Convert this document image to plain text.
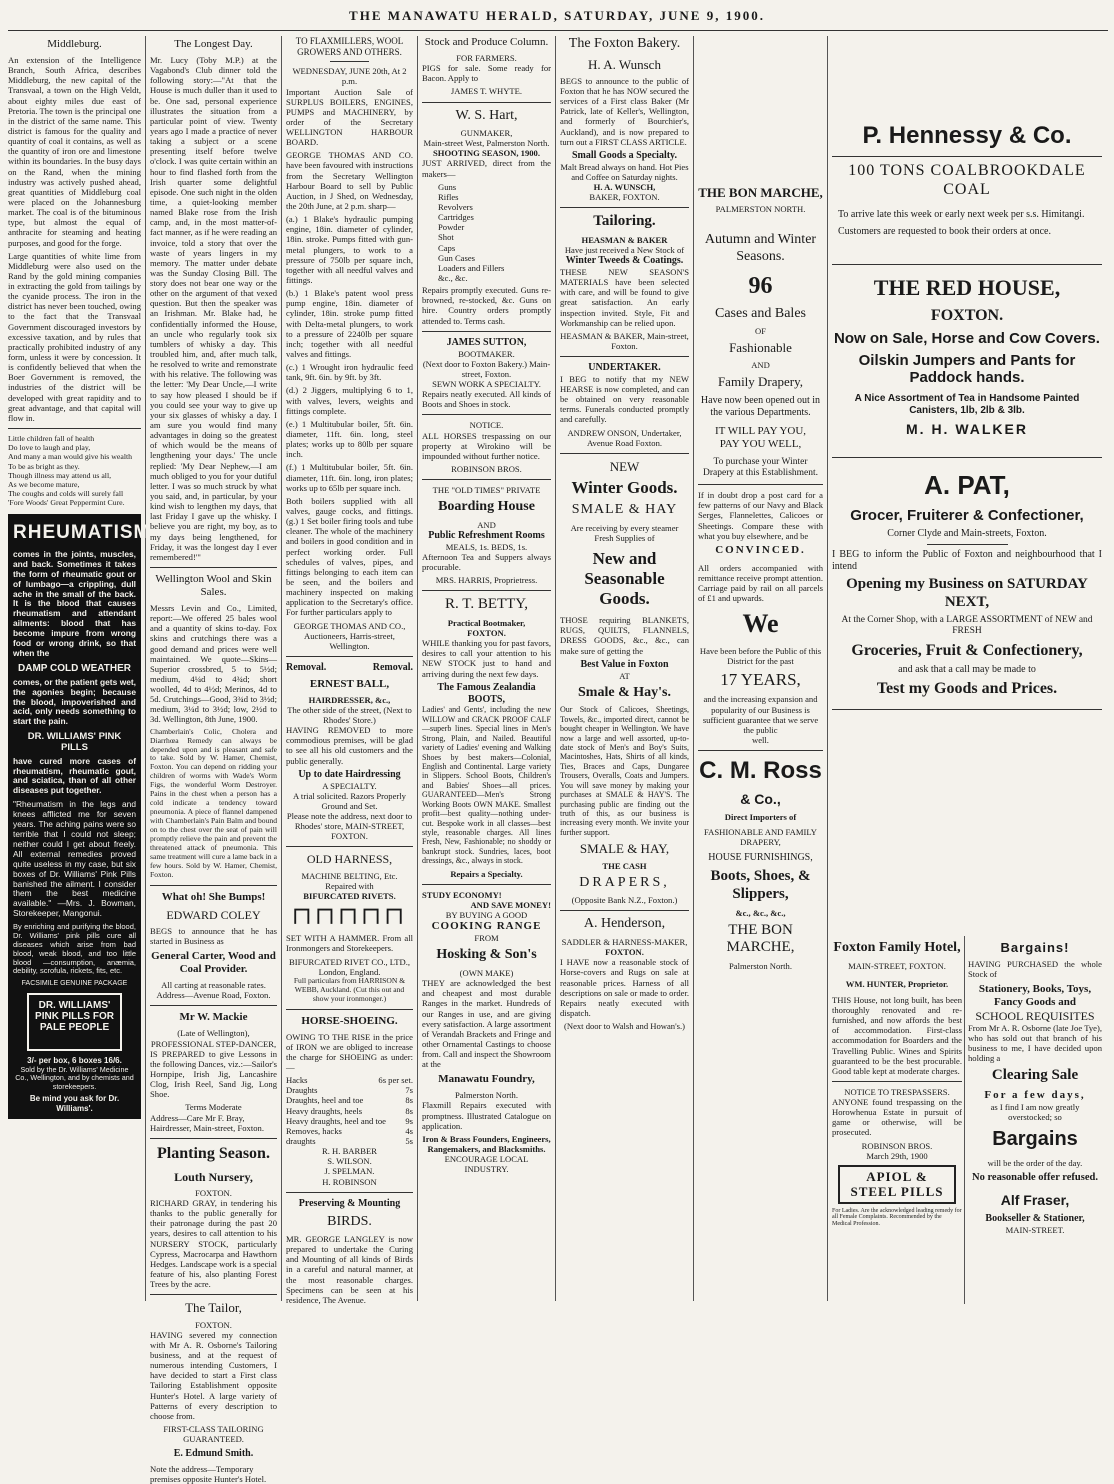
THE MANAWATU HERALD, SATURDAY, JUNE 9, 1900.
Middleburg.

An extension of the Intelligence Branch, South Africa, describes Middleburg, the new capital of the Transvaal, a town on the High Veldt, about eighty miles due east of Pretoria. The town is the principal one in the district of the same name. This district is famous for the quality and quantity of coal it contains, as well as the quantity of iron ore and limestone within its boundaries. In the busy days on the Rand, when the mining industry was actively pushed ahead, great quantities of Middleburg coal were placed on the Johannesburg market. The coal is of the bituminous type, but almost the equal of anthracite for steaming and heating purposes, and good for the forge.

Large quantities of white lime from Middleburg were also used on the Rand by the gold mining companies in extracting the gold from tailings by the cyanide process. The iron in the district has never been touched, owing to the fact that the Transvaal Government discouraged investors by excessive taxation, and by rules that practically prohibited industry of any form, unless it were by concession. It is confidently believed that when the Boer Government is removed, the industries of the district will be developed with great rapidity and to great advantage, and that capital will flow in.

Little children fall of health
Do love to laugh and play,
And many a man would give his wealth
To be as bright as they.
Though illness may attend us all,
As we become mature,
The coughs and colds will surely fall
'Fore Woods' Great Peppermint Cure.
RHEUMATISM

comes in the joints, muscles, and back. Sometimes it takes the form of rheumatic gout or of lumbago—a crippling, dull ache in the small of the back. It is the blood that causes rheumatism and attendant ailments: blood that has become impure from wrong food or wrong drink, so that when the

DAMP COLD WEATHER

comes, or the patient gets wet, the agonies begin; because the blood, impoverished and acid, only needs something to start the pain.

DR. WILLIAMS' PINK PILLS

have cured more cases of rheumatism, rheumatic gout, and sciatica, than of all other diseases put together.

"Rheumatism in the legs and knees afflicted me for seven years. The aching pains were so terrible that I could not sleep; neither could I get about freely. All external remedies proved quite useless in my case, but six boxes of Dr. Williams' Pink Pills banished the ailment. I consider them the best medicine available." —Mrs. J. Bowman, Storekeeper, Mangonui.

By enriching and purifying the blood, Dr. Williams' pink pills cure all diseases which arise from bad blood, weak blood, and too little blood —consumption, anæmia, debility, scrofula, rickets, fits, etc.

FACSIMILE GENUINE PACKAGE
DR. WILLIAMS' PINK PILLS FOR PALE PEOPLE
3/- per box, 6 boxes 16/6.
Sold by the Dr. Williams' Medicine Co., Wellington, and by chemists and storekeepers.
Be mind you ask for Dr. Williams'.
The Longest Day.

Mr. Lucy (Toby M.P.) at the Vagabond's Club dinner told the following story:—"At that the House is much duller than it used to be. One sad, personal experience illustrates the situation from a particular point of view. Twenty years ago I made a practice of never taking a subject or a scene presenting itself before twelve o'clock. I was quite certain within an hour to find flashed forth from the Irish quarter some delightful episode. One such night in the olden time, a quiet-looking member named Blake rose from the Irish camp, and, in the most matter-of-fact manner, as if he were reading an invoice, told a story that over the waste of years lingers in my memory. The matter under debate was the Sunday Closing Bill. The story does not bear one way or the other on the argument of that vexed question. But then the speaker was an Irishman. Mr. Blake had, he confidentially informed the House, an uncle who regularly took six tumblers of whisky a day. This troubled him, and, after much talk, he resolved to write and remonstrate with his relative. The following was the letter: 'My Dear Uncle,—I write to say how pleased I should be if you could see your way to give up your six glasses of whisky a day. I am sure you would find many advantages in doing so the greatest of which would be the means of lengthening your days.' The uncle replied: 'My Dear Nephew,—I am much obliged to you for your dutiful letter. I was so much struck by what you said, and, in particular, by your kind wish to lengthen my days, that last Friday I gave up the whisky. I believe you are right, my boy, as to my days being lengthened, for Friday, it was the longest day I ever remembered!'"

Wellington Wool and Skin Sales.

Messrs Levin and Co., Limited, report:—We offered 25 bales wool and a quantity of skins to-day. Fox skins and crutchings there was a good demand and prices were well maintained. We quote—Skins—Superior crossbred, 5 to 5½d; medium, 4¼d to 4¾d; short woolled, 4d to 4½d; Merinos, 4d to 5d. Crutchings—Good, 3¾d to 3½d; medium, 3¼d to 3½d; low, 2½d to 3d. Wellington, 8th June, 1900.

Chamberlain's Colic, Cholera and Diarrhœa Remedy can always be depended upon and is pleasant and safe to take. Sold by W. Hamer, Chemist, Foxton. You can depend on ridding your children of worms with Wade's Worm Figs, the wonderful Worm Destroyer. Pains in the chest when a person has a cold indicate a tendency toward pneumonia. A piece of flannel dampened with Chamberlain's Pain Balm and bound on to the chest over the seat of pain will promptly relieve the pain and prevent the threatened attack of pneumonia. This same treatment will cure a lame back in a few hours. Sold by W. Hamer, Chemist, Foxton.

What oh! She Bumps!
EDWARD COLEY

BEGS to announce that he has started in Business as

General Carter, Wood and Coal Provider.
All carting at reasonable rates.
Address—Avenue Road, Foxton.
Mr W. Mackie
(Late of Wellington), PROFESSIONAL STEP-DANCER,

IS PREPARED to give Lessons in the following Dances, viz.:—Sailor's Hornpipe, Irish Jig, Lancashire Clog, Irish Reel, Sand Jig, Long Shoe.

Terms Moderate
Address—Care Mr F. Bray, Hairdresser, Main-street, Foxton.
Planting Season.
Louth Nursery,
FOXTON.

RICHARD GRAY, in tendering his thanks to the public generally for their patronage during the past 20 years, desires to call attention to his NURSERY STOCK, particularly Cypress, Macrocarpa and Hawthorn Hedges. Landscape work is a special feature of his, also planting Forest Trees by the acre.

The Tailor,
FOXTON.

HAVING severed my connection with Mr A. R. Osborne's Tailoring business, and at the request of numerous intending Customers, I have decided to start a First class Tailoring Establishment opposite Hunter's Hotel. A large variety of Patterns of every description to choose from.

FIRST-CLASS TAILORING GUARANTEED.
E. Edmund Smith.
Note the address—Temporary premises opposite Hunter's Hotel.
TO FLAXMILLERS, WOOL GROWERS AND OTHERS.
WEDNESDAY, JUNE 20th, At 2 p.m.

Important Auction Sale of SURPLUS BOILERS, ENGINES, PUMPS and MACHINERY, by order of the Secretary WELLINGTON HARBOUR BOARD.

GEORGE THOMAS AND CO. have been favoured with instructions from the Secretary Wellington Harbour Board to sell by Public Auction, in J Shed, on Wednesday, the 20th June, at 2 p.m. sharp—

(a.) 1 Blake's hydraulic pumping engine, 18in. diameter of cylinder, 18in. stroke. Pumps fitted with gun-metal plungers, to work to a pressure of 750lb per square inch, together with all needful valves and fittings.

(b.) 1 Blake's patent wool press pump engine, 18in. diameter of cylinder, 18in. stroke pump fitted with Delta-metal plungers, to work to a pressure of 2240lb per square inch; together with all needful valves and fittings.

(c.) 1 Wrought iron hydraulic feed tank, 9ft. 6in. by 9ft. by 3ft.

(d.) 2 Jiggers, multiplying 6 to 1, with valves, levers, weights and fittings complete.

(e.) 1 Multitubular boiler, 5ft. 6in. diameter, 11ft. 6in. long, steel plates; works up to 80lb per square inch.

(f.) 1 Multitubular boiler, 5ft. 6in. diameter, 11ft. 6in. long, iron plates; works up to 65lb per square inch.

Both boilers supplied with all valves, gauge cocks, and fittings. (g.) 1 Set boiler firing tools and tube cleaner. The whole of the machinery and boilers in good condition and in perfect working order. Full schedules of valves, pipes, and fittings belonging to each item can be seen, and the boilers and machinery inspected on making application to the Secretary's office. For further particulars apply to

GEORGE THOMAS AND CO., Auctioneers, Harris-street, Wellington.
Removal.	Removal.
ERNEST BALL,
HAIRDRESSER, &c.,
The other side of the street, (Next to Rhodes' Store.)

HAVING REMOVED to more commodious premises, will be glad to see all his old customers and the public generally.

Up to date Hairdressing
A SPECIALTY.
A trial solicited. Razors Properly Ground and Set.
Please note the address, next door to Rhodes' store, MAIN-STREET, FOXTON.
OLD HARNESS,
MACHINE BELTING, Etc.
Repaired with
BIFURCATED RIVETS.
⊓⊓⊓⊓⊓

SET WITH A HAMMER. From all Ironmongers and Storekeepers.

BIFURCATED RIVET CO., LTD., London, England.
Full particulars from HARRISON & WEBB, Auckland. (Cut this out and show your ironmonger.)
HORSE-SHOEING.

OWING TO THE RISE in the price of IRON we are obliged to increase the charge for SHOEING as under:—

Hacks	6s per set.
Draughts	7s
Draughts, heel and toe	8s
Heavy draughts, heels	8s
Heavy draughts, heel and toe 9s
Removes, hacks	4s
draughts	5s
R. H. BARBER
S. WILSON.
J. SPELMAN.
H. ROBINSON
Preserving & Mounting
BIRDS.

MR. GEORGE LANGLEY is now prepared to undertake the Curing and Mounting of all kinds of Birds in a careful and natural manner, at the most reasonable charges. Specimens can be seen at his residence, The Avenue.

Stock and Produce Column.
FOR FARMERS.

PIGS for sale. Some ready for Bacon. Apply to

JAMES T. WHYTE.
W. S. Hart,
GUNMAKER,
Main-street West, Palmerston North.
SHOOTING SEASON, 1900.

JUST ARRIVED, direct from the makers—

Guns
Rifles
Revolvers
Cartridges
Powder
Shot
Caps
Gun Cases
Loaders and Fillers
&c., &c.

Repairs promptly executed. Guns re-browned, re-stocked, &c. Guns on hire. Country orders promptly attended to. Terms cash.

JAMES SUTTON,
BOOTMAKER.
(Next door to Foxton Bakery.) Main-street, Foxton.
SEWN WORK A SPECIALTY.

Repairs neatly executed. All kinds of Boots and Shoes in stock.

NOTICE.

ALL HORSES trespassing on our property at Wirokino will be impounded without further notice.

ROBINSON BROS.
THE "OLD TIMES" PRIVATE
Boarding House
AND
Public Refreshment Rooms
MEALS, 1s. BEDS, 1s.

Afternoon Tea and Suppers always procurable.

MRS. HARRIS, Proprietress.
R. T. BETTY,
Practical Bootmaker,
FOXTON.

WHILE thanking you for past favors, desires to call your attention to his NEW STOCK just to hand and arriving during the next few days.

The Famous Zealandia BOOTS,

Ladies' and Gents', including the new WILLOW and CRACK PROOF CALF—superb lines. Special lines in Men's Strong, Plain, and Nailed. Beautiful variety of Ladies' evening and Walking Shoes by best makers—Colonial, English and Continental. Large variety in Slippers. School Boots, Children's and Babies' Shoes—all prices. GUARANTEED—Men's Strong Working Boots OWN MAKE. Smallest profit—best quality—nothing under-cut. Bespoke work in all classes—best style, reasonable charges. All lines Fresh, New, Fashionable; no shoddy or bankrupt stock. Sundries, laces, boot dressings, &c., always in stock.

Repairs a Specialty.
STUDY ECONOMY!
AND SAVE MONEY!
BY BUYING A GOOD
COOKING RANGE
FROM
Hosking & Son's
(OWN MAKE)

THEY are acknowledged the best and cheapest and most durable Ranges in the market. Hundreds of our Ranges in use, and are giving every satisfaction. A large assortment of Verandah Brackets and Fringe and other Ornamental Castings to choose from. Call and inspect the Showroom at the

Manawatu Foundry,
Palmerston North.

Flaxmill Repairs executed with promptness. Illustrated Catalogue on application.

Iron & Brass Founders, Engineers, Rangemakers, and Blacksmiths.
ENCOURAGE LOCAL INDUSTRY.
The Foxton Bakery.
H. A. Wunsch

BEGS to announce to the public of Foxton that he has NOW secured the services of a First class Baker (Mr Patrick, late of Keller's, Wellington, and formerly of Bourchier's, Auckland), and is now prepared to turn out a FIRST CLASS ARTICLE.

Small Goods a Specialty.
Malt Bread always on hand. Hot Pies and Coffee on Saturday nights.
H. A. WUNSCH,
BAKER, FOXTON.
Tailoring.
HEASMAN & BAKER
Have just received a New Stock of
Winter Tweeds & Coatings.

THESE NEW SEASON'S MATERIALS have been selected with care, and will be found to give great satisfaction. An early inspection invited. Style, Fit and Workmanship can be relied upon.

HEASMAN & BAKER, Main-street, Foxton.
UNDERTAKER.

I BEG to notify that my NEW HEARSE is now completed, and can be obtained on very reasonable terms. Funerals conducted promptly and carefully.

ANDREW ONSON, Undertaker, Avenue Road Foxton.
NEW
Winter Goods.
SMALE & HAY
Are receiving by every steamer Fresh Supplies of
New and Seasonable Goods.

THOSE requiring BLANKETS, RUGS, QUILTS, FLANNELS, DRESS GOODS, &c., &c., can make sure of getting the

Best Value in Foxton
AT
Smale & Hay's.

Our Stock of Calicoes, Sheetings, Towels, &c., imported direct, cannot be bought cheaper in Wellington. We have now a large and well assorted, up-to-date stock of Men's and Boy's Suits, Macintoshes, Hats, Shirts of all kinds, Ties, Braces and Caps, Dungaree Trousers, Overalls, Coats and Jumpers. You will save money by making your purchases at SMALE & HAY'S. The purchasing public are finding out the truth of this, as our business is increasing every month. We invite your further support.

SMALE & HAY,
THE CASH
DRAPERS,
(Opposite Bank N.Z., Foxton.)
A. Henderson,
SADDLER & HARNESS-MAKER,
FOXTON.

I HAVE now a reasonable stock of Horse-covers and Rugs on sale at reasonable prices. Harness of all descriptions on sale or made to order. Repairs neatly executed with dispatch.

(Next door to Walsh and Howan's.)
THE BON MARCHE,
PALMERSTON NORTH.
Autumn and Winter Seasons.
96
Cases and Bales
OF
Fashionable
AND
Family Drapery,
Have now been opened out in the various Departments.
IT WILL PAY YOU,
PAY YOU WELL,
To purchase your Winter Drapery at this Establishment.

If in doubt drop a post card for a few patterns of our Navy and Black Serges, Flannelettes, Calicoes or Sheetings. Compare these with what you buy elsewhere, and be

CONVINCED.

All orders accompanied with remittance receive prompt attention. Carriage paid by rail on all parcels of £1 and upwards.

We
Have been before the Public of this District for the past
17 YEARS,
and the increasing expansion and popularity of our Business is sufficient guarantee that we serve the public
well.
C. M. Ross
& Co.,
Direct Importers of
FASHIONABLE AND FAMILY DRAPERY,
HOUSE FURNISHINGS,
Boots, Shoes, & Slippers,
&c., &c., &c.,
THE BON MARCHE,
Palmerston North.
P. Hennessy & Co.
100 TONS COALBROOKDALE
COAL

To arrive late this week or early next week per s.s. Himitangi. Customers are requested to book their orders at once.

THE RED HOUSE,
FOXTON.
Now on Sale, Horse and Cow Covers.
Oilskin Jumpers and Pants for Paddock hands.
A Nice Assortment of Tea in Handsome Painted Canisters, 1lb, 2lb & 3lb.
M. H. WALKER
A. PAT,
Grocer, Fruiterer & Confectioner,
Corner Clyde and Main-streets, Foxton.

I BEG to inform the Public of Foxton and neighbourhood that I intend

Opening my Business on SATURDAY NEXT,
At the Corner Shop, with a LARGE ASSORTMENT of NEW and FRESH
Groceries, Fruit & Confectionery,
and ask that a call may be made to
Test my Goods and Prices.
Foxton Family Hotel,
MAIN-STREET, FOXTON.
WM. HUNTER, Proprietor.

THIS House, not long built, has been thoroughly renovated and re-furnished, and now affords the best of accommodation. First-class accommodation for Boarders and the Travelling Public. Wines and Spirits guaranteed to be the best procurable. Good table kept at moderate charges.

NOTICE TO TRESPASSERS.

ANYONE found trespassing on the Horowhenua Estate in pursuit of game or otherwise, will be prosecuted.

ROBINSON BROS.
March 29th, 1900
APIOL & STEEL PILLS
For Ladies. Are the acknowledged leading remedy for all Female Complaints. Recommended by the Medical Profession.
Bargains!

HAVING PURCHASED the whole Stock of

Stationery, Books, Toys,
Fancy Goods and
SCHOOL REQUISITES

From Mr A. R. Osborne (late Joe Tye), who has sold out that branch of his business to me, I have decided upon holding a

Clearing Sale
For a few days,
as I find I am now greatly overstocked; so
Bargains
will be the order of the day.
No reasonable offer refused.
Alf Fraser,
Bookseller & Stationer,
MAIN-STREET.
